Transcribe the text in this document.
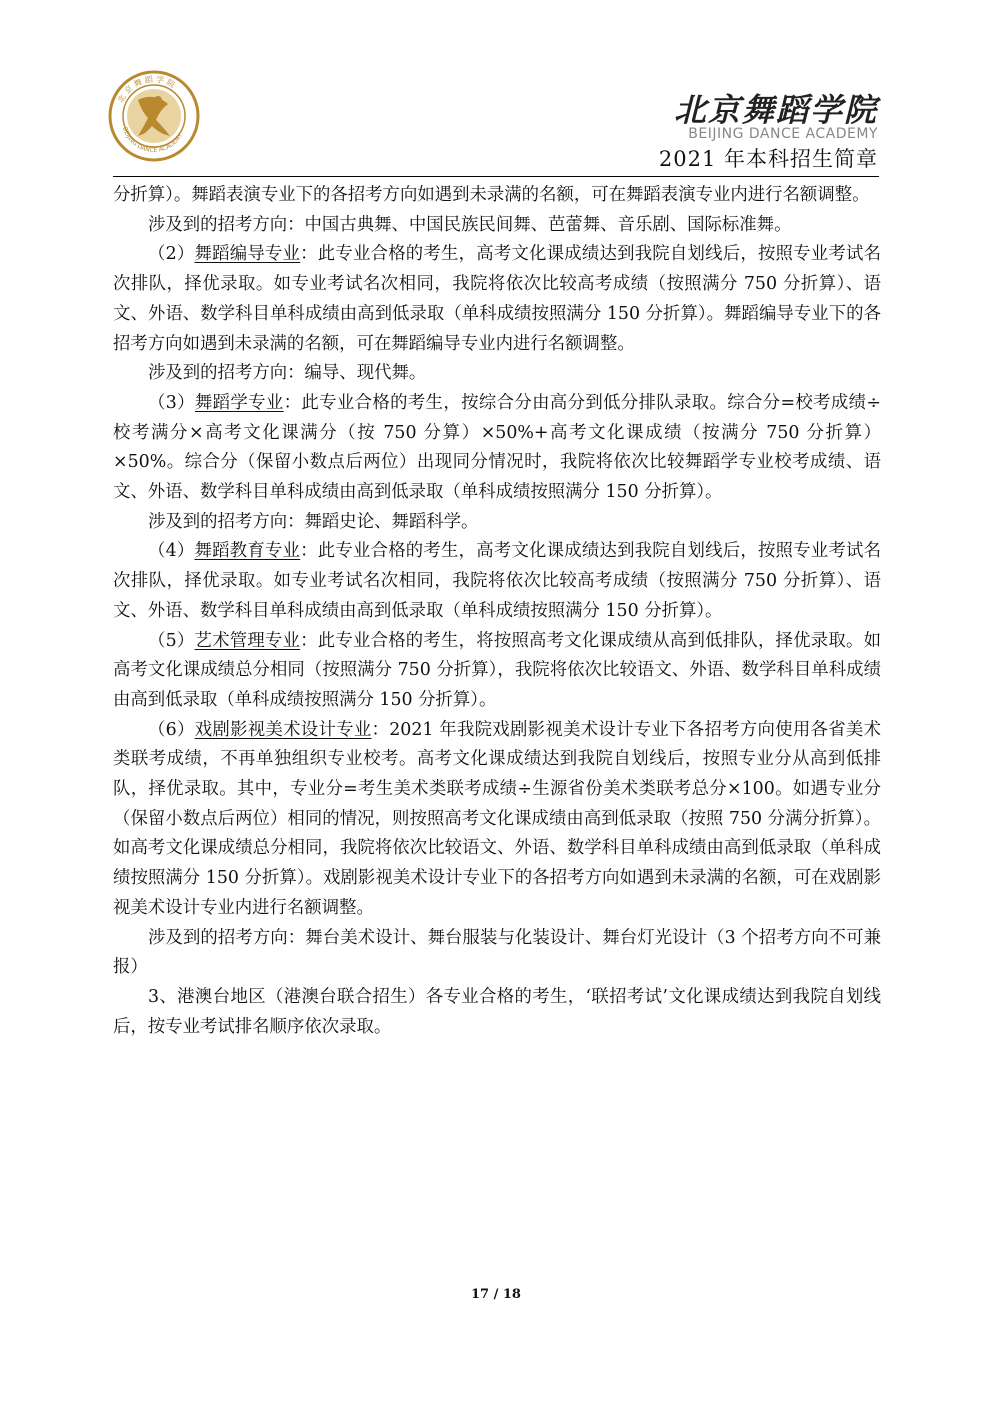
北 京 舞 蹈 学 院
BEIJING DANCE ACADEMY
北京舞蹈学院
BEIJING DANCE ACADEMY
2021 年本科招生简章

分折算）。舞蹈表演专业下的各招考方向如遇到未录满的名额，可在舞蹈表演专业内进行名额调整。

涉及到的招考方向：中国古典舞、中国民族民间舞、芭蕾舞、音乐剧、国际标准舞。

（2）舞蹈编导专业：此专业合格的考生，高考文化课成绩达到我院自划线后，按照专业考试名次排队，择优录取。如专业考试名次相同，我院将依次比较高考成绩（按照满分 750 分折算）、语文、外语、数学科目单科成绩由高到低录取（单科成绩按照满分 150 分折算）。舞蹈编导专业下的各招考方向如遇到未录满的名额，可在舞蹈编导专业内进行名额调整。

涉及到的招考方向：编导、现代舞。

（3）舞蹈学专业：此专业合格的考生，按综合分由高分到低分排队录取。综合分=校考成绩÷校考满分×高考文化课满分（按 750 分算）×50%+高考文化课成绩（按满分 750 分折算）×50%。综合分（保留小数点后两位）出现同分情况时，我院将依次比较舞蹈学专业校考成绩、语文、外语、数学科目单科成绩由高到低录取（单科成绩按照满分 150 分折算）。

涉及到的招考方向：舞蹈史论、舞蹈科学。

（4）舞蹈教育专业：此专业合格的考生，高考文化课成绩达到我院自划线后，按照专业考试名次排队，择优录取。如专业考试名次相同，我院将依次比较高考成绩（按照满分 750 分折算）、语文、外语、数学科目单科成绩由高到低录取（单科成绩按照满分 150 分折算）。

（5）艺术管理专业：此专业合格的考生，将按照高考文化课成绩从高到低排队，择优录取。如高考文化课成绩总分相同（按照满分 750 分折算），我院将依次比较语文、外语、数学科目单科成绩由高到低录取（单科成绩按照满分 150 分折算）。

（6）戏剧影视美术设计专业：2021 年我院戏剧影视美术设计专业下各招考方向使用各省美术类联考成绩，不再单独组织专业校考。高考文化课成绩达到我院自划线后，按照专业分从高到低排队，择优录取。其中，专业分=考生美术类联考成绩÷生源省份美术类联考总分×100。如遇专业分（保留小数点后两位）相同的情况，则按照高考文化课成绩由高到低录取（按照 750 分满分折算）。如高考文化课成绩总分相同，我院将依次比较语文、外语、数学科目单科成绩由高到低录取（单科成绩按照满分 150 分折算）。戏剧影视美术设计专业下的各招考方向如遇到未录满的名额，可在戏剧影视美术设计专业内进行名额调整。

涉及到的招考方向：舞台美术设计、舞台服装与化装设计、舞台灯光设计（3 个招考方向不可兼报）

3、港澳台地区（港澳台联合招生）各专业合格的考生，‘联招考试’文化课成绩达到我院自划线后，按专业考试排名顺序依次录取。

17 / 18
